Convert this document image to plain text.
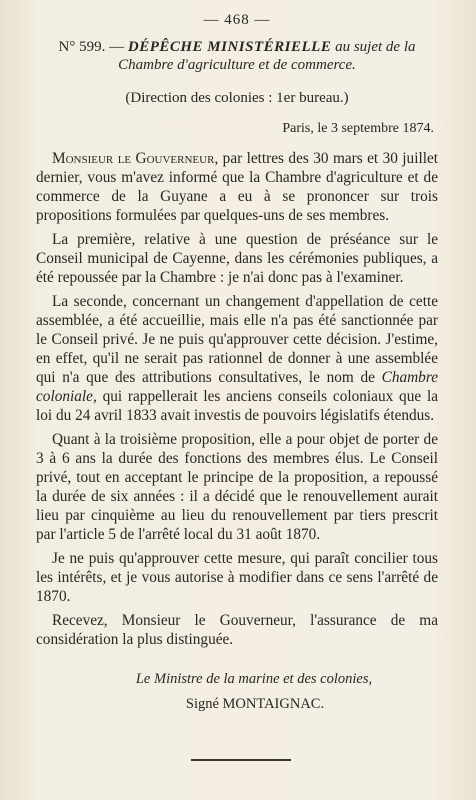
— 468 —
N° 599. — DÉPÊCHE MINISTÉRIELLE au sujet de la Chambre d'agriculture et de commerce.
(Direction des colonies : 1er bureau.)
Paris, le 3 septembre 1874.

Monsieur le Gouverneur, par lettres des 30 mars et 30 juillet dernier, vous m'avez informé que la Chambre d'agriculture et de commerce de la Guyane a eu à se prononcer sur trois propositions formulées par quelques-uns de ses membres.

La première, relative à une question de préséance sur le Conseil municipal de Cayenne, dans les cérémonies publiques, a été repoussée par la Chambre : je n'ai donc pas à l'examiner.

La seconde, concernant un changement d'appellation de cette assemblée, a été accueillie, mais elle n'a pas été sanctionnée par le Conseil privé. Je ne puis qu'approuver cette décision. J'estime, en effet, qu'il ne serait pas rationnel de donner à une assemblée qui n'a que des attributions consultatives, le nom de Chambre coloniale, qui rappellerait les anciens conseils coloniaux que la loi du 24 avril 1833 avait investis de pouvoirs législatifs étendus.

Quant à la troisième proposition, elle a pour objet de porter de 3 à 6 ans la durée des fonctions des membres élus. Le Conseil privé, tout en acceptant le principe de la proposition, a repoussé la durée de six années : il a décidé que le renouvellement aurait lieu par cinquième au lieu du renouvellement par tiers prescrit par l'article 5 de l'arrêté local du 31 août 1870.

Je ne puis qu'approuver cette mesure, qui paraît concilier tous les intérêts, et je vous autorise à modifier dans ce sens l'arrêté de 1870.

Recevez, Monsieur le Gouverneur, l'assurance de ma considération la plus distinguée.

Le Ministre de la marine et des colonies,
Signé MONTAIGNAC.
